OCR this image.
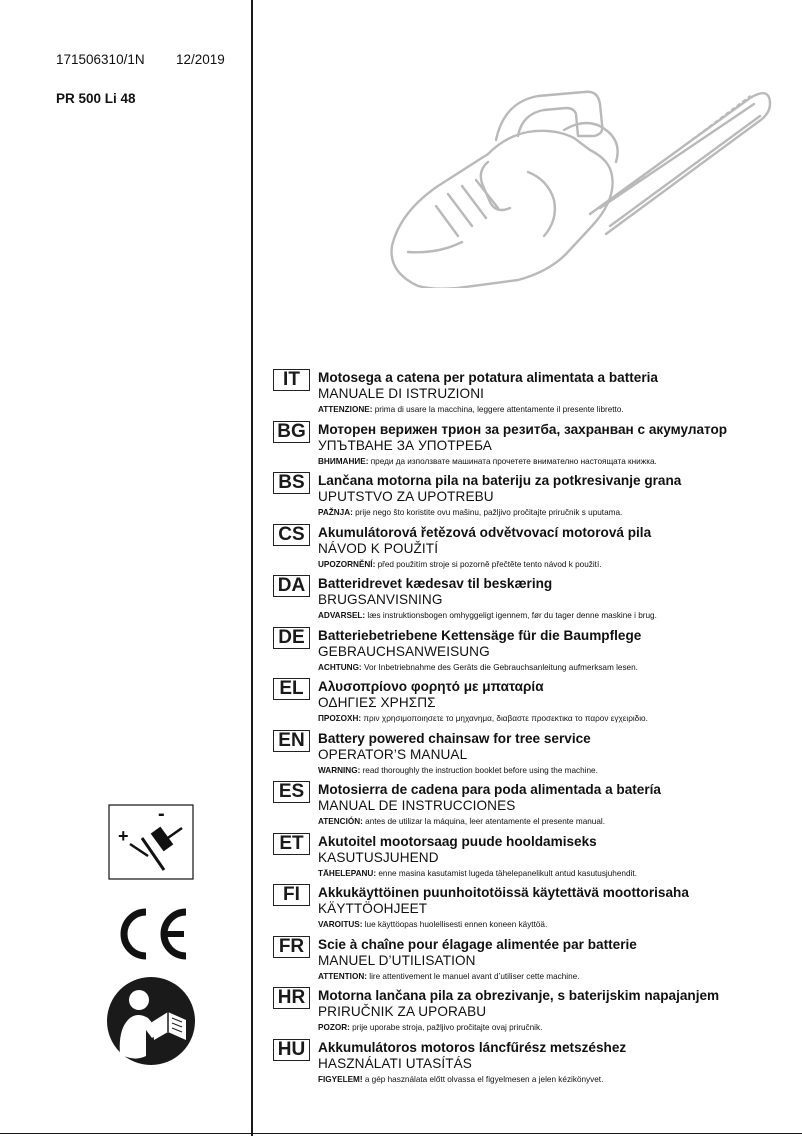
171506310/1N 12/2019
PR 500 Li 48
+
-
CE
IT	Motosega a catena per potatura alimentata a batteria
MANUALE DI ISTRUZIONI
ATTENZIONE: prima di usare la macchina, leggere attentamente il presente libretto.
BG Моторен верижен трион за резитба, захранван с акумулатор
УПЪТВАНЕ ЗА УПОТРЕБА
ВНИМАНИЕ: преди да използвате машината прочетете внимателно настоящата книжка.
BS Lančana motorna pila na bateriju za potkresivanje grana
UPUTSTVO ZA UPOTREBU
PAŽNJA: prije nego što koristite ovu mašinu, pažljivo pročitajte priručnik s uputama.
CS Akumulátorová řetězová odvětvovací motorová pila
NÁVOD K POUŽITÍ
UPOZORNĚNÍ: před použitím stroje si pozorně přečtěte tento návod k použití.
DA Batteridrevet kædesav til beskæring
BRUGSANVISNING
ADVARSEL: læs instruktionsbogen omhyggeligt igennem, før du tager denne maskine i brug.
DE Batteriebetriebene Kettensäge für die Baumpflege
GEBRAUCHSANWEISUNG
ACHTUNG: Vor Inbetriebnahme des Geräts die Gebrauchsanleitung aufmerksam lesen.
EL	Αλυσοπρίονο φορητό με μπαταρία
ΟΔΗΓΙΕΣ ΧΡΗΣΠΣ
ΠΡΟΣΟΧΗ: πριν χρησιμοποιησετε το μηχανημα, διαβαστε προσεκτικα το παρον εγχειριδιο.
EN Battery powered chainsaw for tree service
OPERATOR’S MANUAL
WARNING: read thoroughly the instruction booklet before using the machine.
ES	Motosierra de cadena para poda alimentada a batería
MANUAL DE INSTRUCCIONES
ATENCIÓN: antes de utilizar la máquina, leer atentamente el presente manual.
ET	Akutoitel mootorsaag puude hooldamiseks
KASUTUSJUHEND
TÄHELEPANU: enne masina kasutamist lugeda tähelepanelikult antud kasutusjuhendit.
FI	Akkukäyttöinen puunhoitotöissä käytettävä moottorisaha
KÄYTTÖOHJEET
VAROITUS: lue käyttöopas huolellisesti ennen koneen käyttöä.
FR	Scie à chaîne pour élagage alimentée par batterie
MANUEL D’UTILISATION
ATTENTION: lire attentivement le manuel avant d’utiliser cette machine.
HR Motorna lančana pila za obrezivanje, s baterijskim napajanjem
PRIRUČNIK ZA UPORABU
POZOR: prije uporabe stroja, pažljivo pročitajte ovaj priručnik.
HU Akkumulátoros motoros láncfűrész metszéshez
HASZNÁLATI UTASÍTÁS
FIGYELEM! a gép használata előtt olvassa el figyelmesen a jelen kézikönyvet.
